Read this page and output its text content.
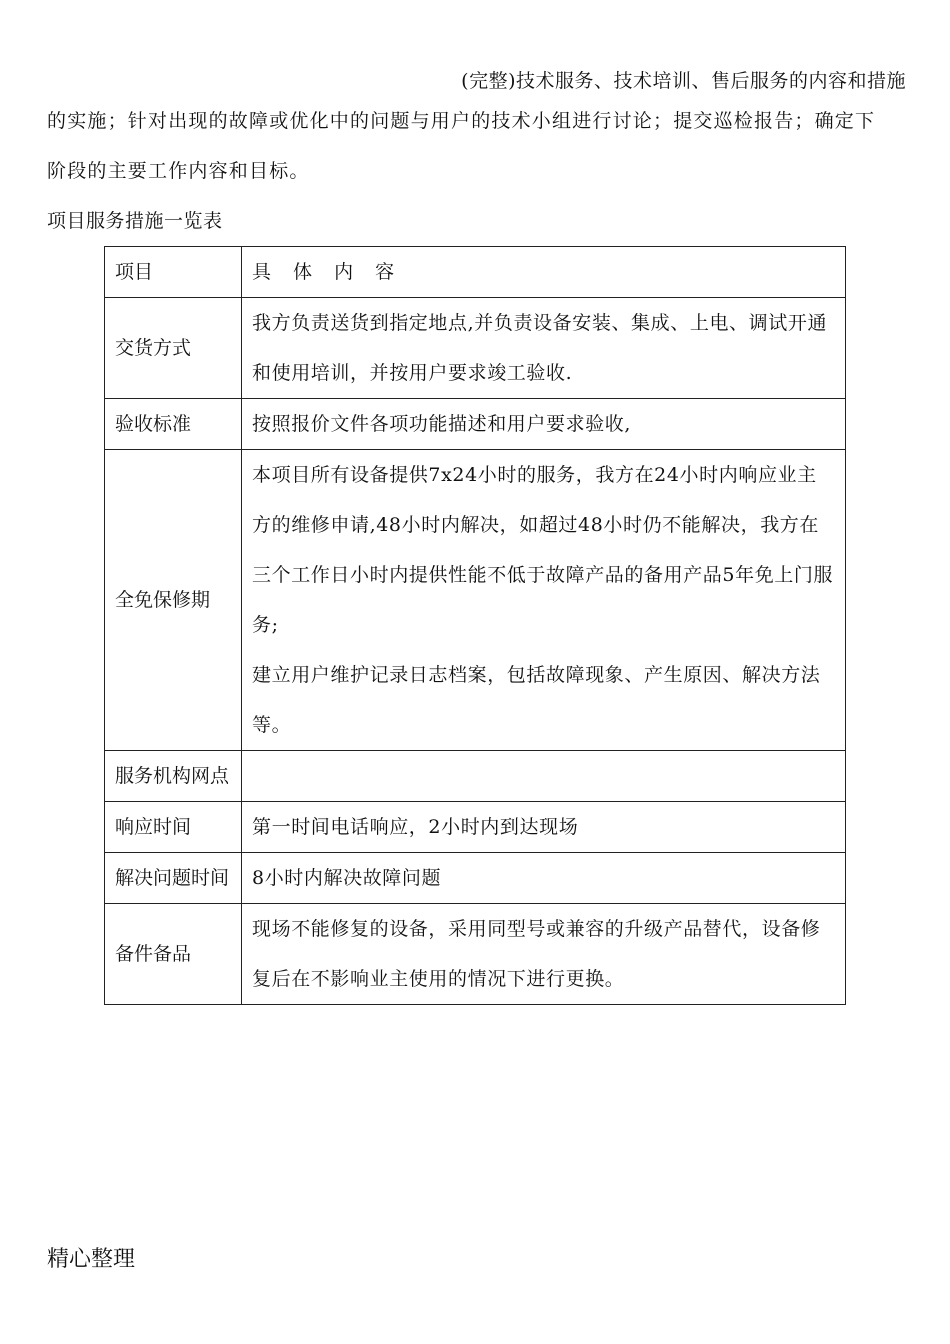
(完整)技术服务、技术培训、售后服务的内容和措施
的实施；针对出现的故障或优化中的问题与用户的技术小组进行讨论；提交巡检报告；确定下
阶段的主要工作内容和目标。
项目服务措施一览表
项目	具 体 内 容
交货方式	我方负责送货到指定地点,并负责设备安装、集成、上电、调试开通和使用培训，并按用户要求竣工验收.

验收标准	按照报价文件各项功能描述和用户要求验收,

全免保修期	本项目所有设备提供7x24小时的服务，我方在24小时内响应业主方的维修申请,48小时内解决，如超过48小时仍不能解决，我方在三个工作日小时内提供性能不低于故障产品的备用产品5年免上门服务;
建立用户维护记录日志档案，包括故障现象、产生原因、解决方法等。

服务机构网点	
响应时间	第一时间电话响应，2小时内到达现场

解决问题时间	8小时内解决故障问题

备件备品	现场不能修复的设备，采用同型号或兼容的升级产品替代，设备修复后在不影响业主使用的情况下进行更换。
精心整理
